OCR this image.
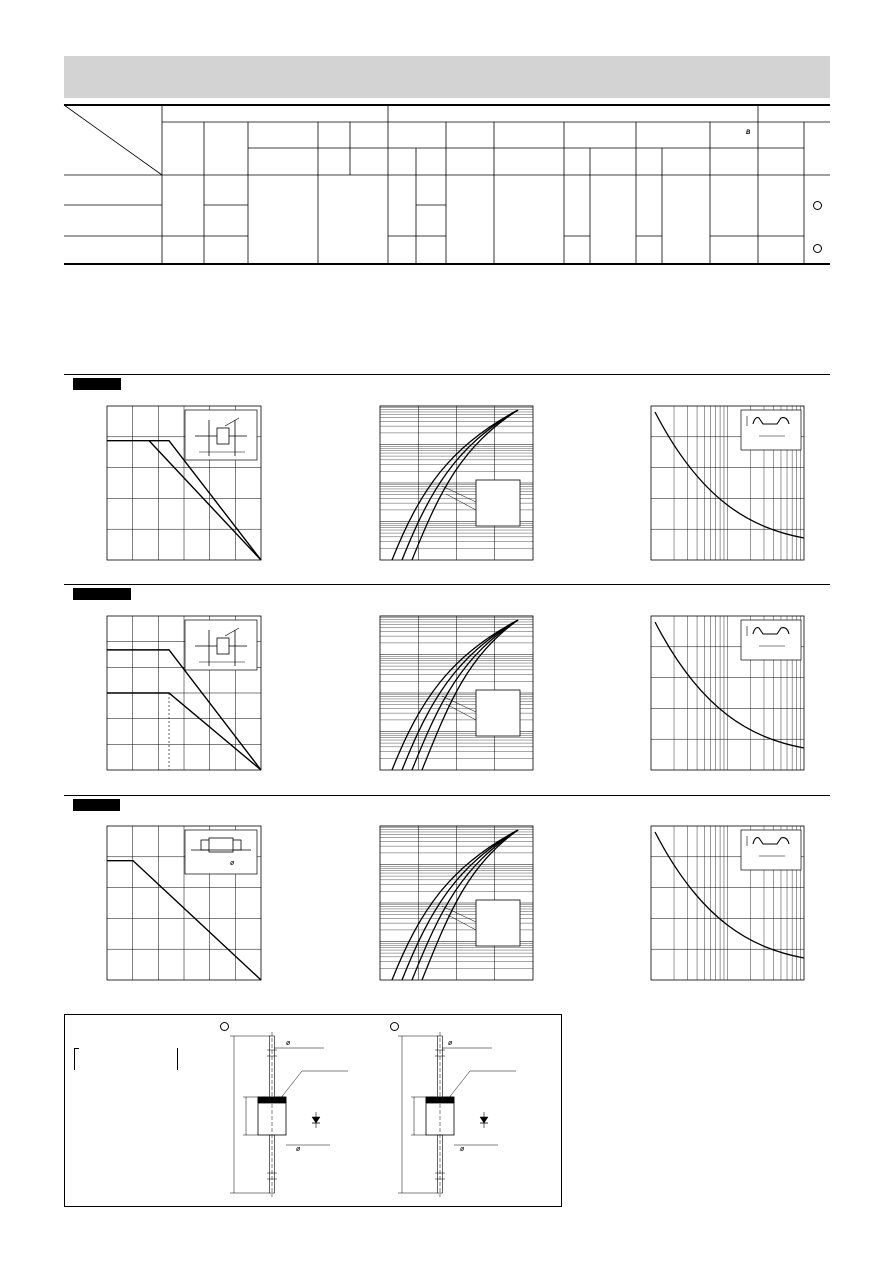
B
ø
ø
ø
ø
ø
